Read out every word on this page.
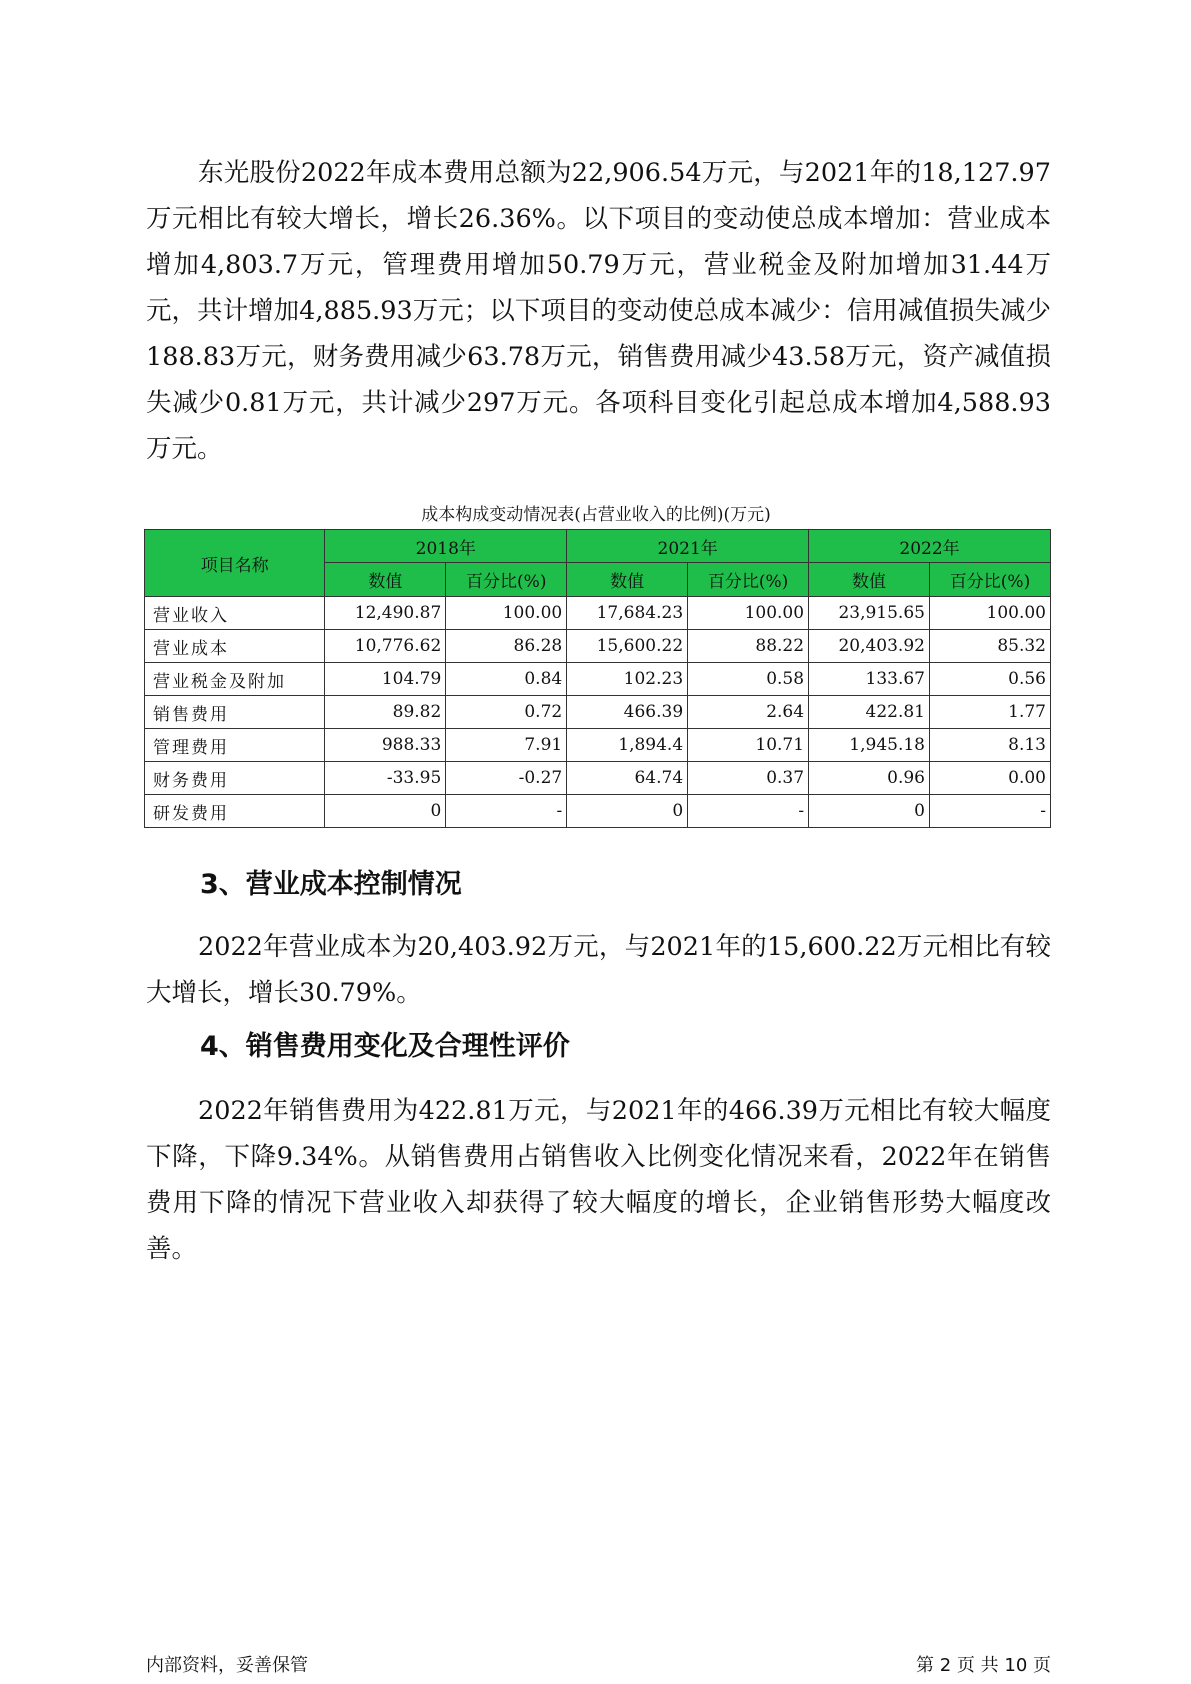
东光股份2022年成本费用总额为22,906.54万元，与2021年的18,127.97万元相比有较大增长，增长26.36%。以下项目的变动使总成本增加：营业成本增加4,803.7万元，管理费用增加50.79万元，营业税金及附加增加31.44万元，共计增加4,885.93万元；以下项目的变动使总成本减少：信用减值损失减少188.83万元，财务费用减少63.78万元，销售费用减少43.58万元，资产减值损失减少0.81万元，共计减少297万元。各项科目变化引起总成本增加4,588.93万元。

成本构成变动情况表(占营业收入的比例)(万元)

项目名称	2018年		2021年		2022年	
	数值	百分比(%)	数值	百分比(%)	数值	百分比(%)
营业收入	12,490.87	100.00	17,684.23	100.00	23,915.65	100.00
营业成本	10,776.62	86.28	15,600.22	88.22	20,403.92	85.32
营业税金及附加	104.79	0.84	102.23	0.58	133.67	0.56
销售费用	89.82	0.72	466.39	2.64	422.81	1.77
管理费用	988.33	7.91	1,894.4	10.71	1,945.18	8.13
财务费用	-33.95	-0.27	64.74	0.37	0.96	0.00
研发费用	0	-	0	-	0	-
3、营业成本控制情况

2022年营业成本为20,403.92万元，与2021年的15,600.22万元相比有较大增长，增长30.79%。

4、销售费用变化及合理性评价

2022年销售费用为422.81万元，与2021年的466.39万元相比有较大幅度下降，下降9.34%。从销售费用占销售收入比例变化情况来看，2022年在销售费用下降的情况下营业收入却获得了较大幅度的增长，企业销售形势大幅度改善。

内部资料，妥善保管	第 2 页 共 10 页
